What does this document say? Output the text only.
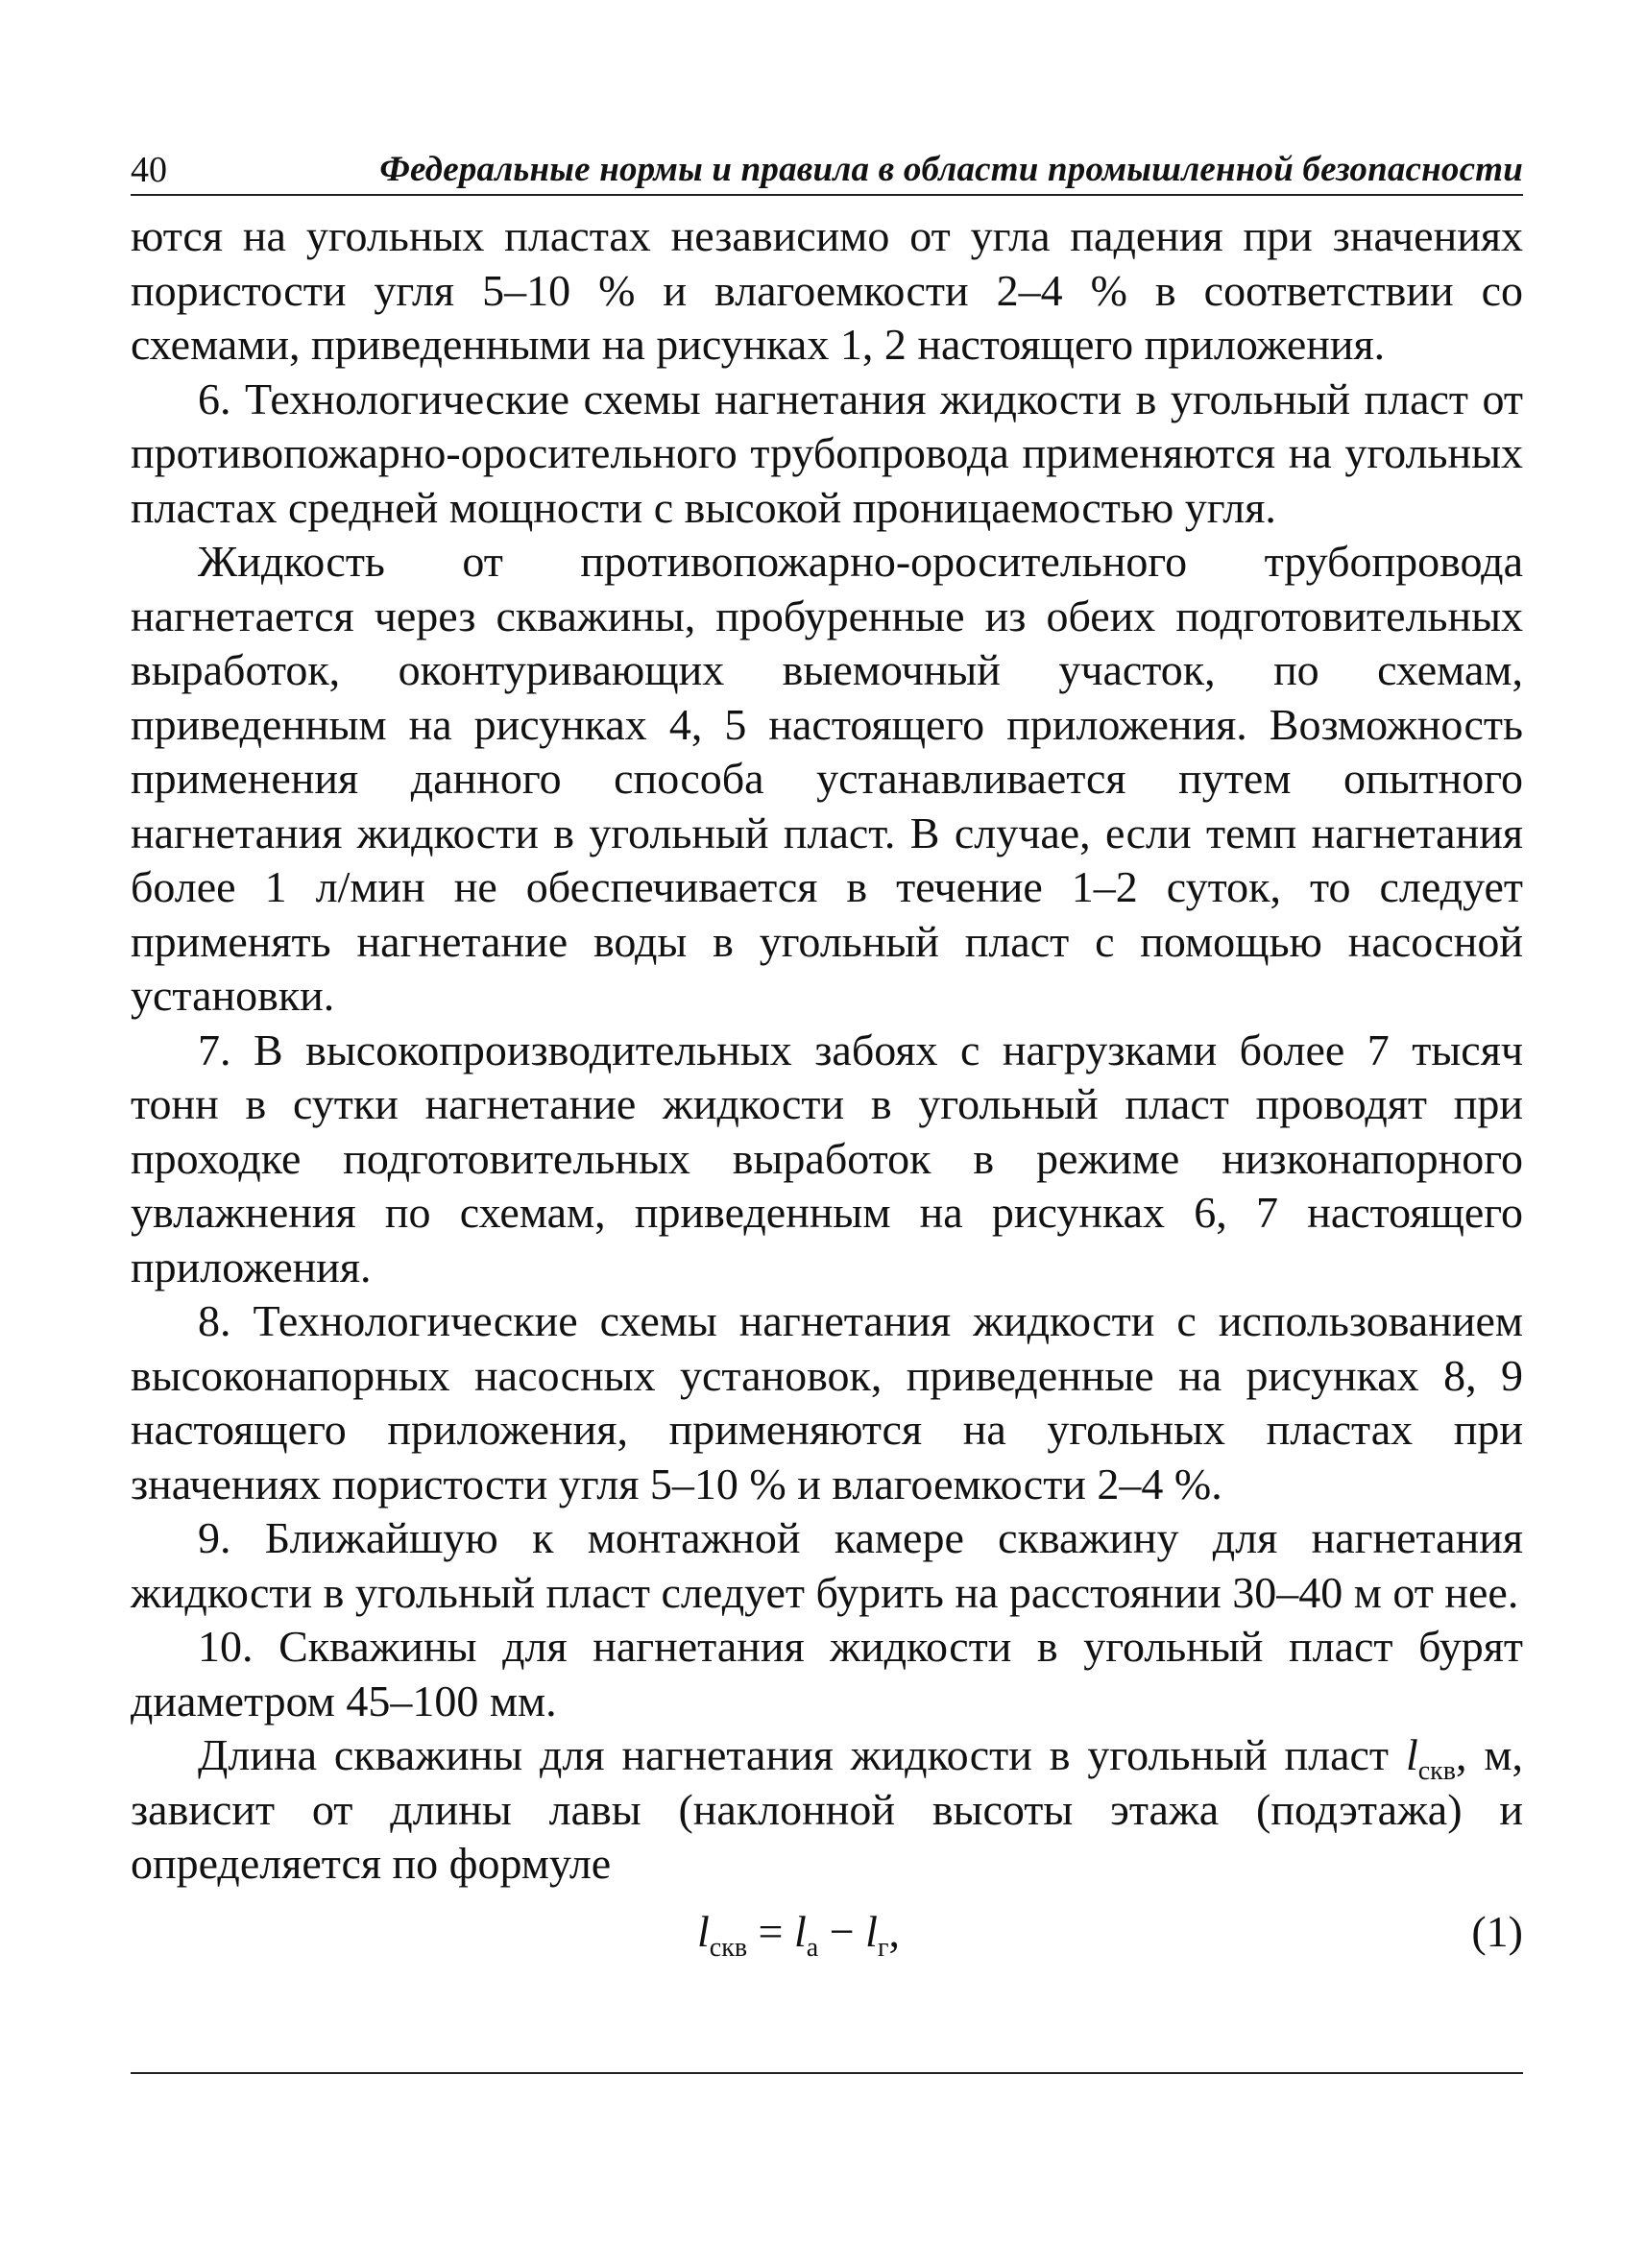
40	Федеральные нормы и правила в области промышленной безопасности

ются на угольных пластах независимо от угла падения при значениях пористости угля 5–10 % и влагоемкости 2–4 % в соответствии со схемами, приведенными на рисунках 1, 2 настоящего приложения.

6. Технологические схемы нагнетания жидкости в угольный пласт от противопожарно-оросительного трубопровода применяются на угольных пластах средней мощности с высокой проницаемостью угля.

Жидкость от противопожарно-оросительного трубопровода нагнетается через скважины, пробуренные из обеих подготовительных выработок, оконтуривающих выемочный участок, по схемам, приведенным на рисунках 4, 5 настоящего приложения. Возможность применения данного способа устанавливается путем опытного нагнетания жидкости в угольный пласт. В случае, если темп нагнетания более 1 л/мин не обеспечивается в течение 1–2 суток, то следует применять нагнетание воды в угольный пласт с помощью насосной установки.

7. В высокопроизводительных забоях с нагрузками более 7 тысяч тонн в сутки нагнетание жидкости в угольный пласт проводят при проходке подготовительных выработок в режиме низконапорного увлажнения по схемам, приведенным на рисунках 6, 7 настоящего приложения.

8. Технологические схемы нагнетания жидкости с использованием высоконапорных насосных установок, приведенные на рисунках 8, 9 настоящего приложения, применяются на угольных пластах при значениях пористости угля 5–10 % и влагоемкости 2–4 %.

9. Ближайшую к монтажной камере скважину для нагнетания жидкости в угольный пласт следует бурить на расстоянии 30–40 м от нее.

10. Скважины для нагнетания жидкости в угольный пласт бурят диаметром 45–100 мм.

Длина скважины для нагнетания жидкости в угольный пласт $l_{скв}$, м, зависит от длины лавы (наклонной высоты этажа (подэтажа) и определяется по формуле

$l_{скв} = l_а - l_г$,	(1)
